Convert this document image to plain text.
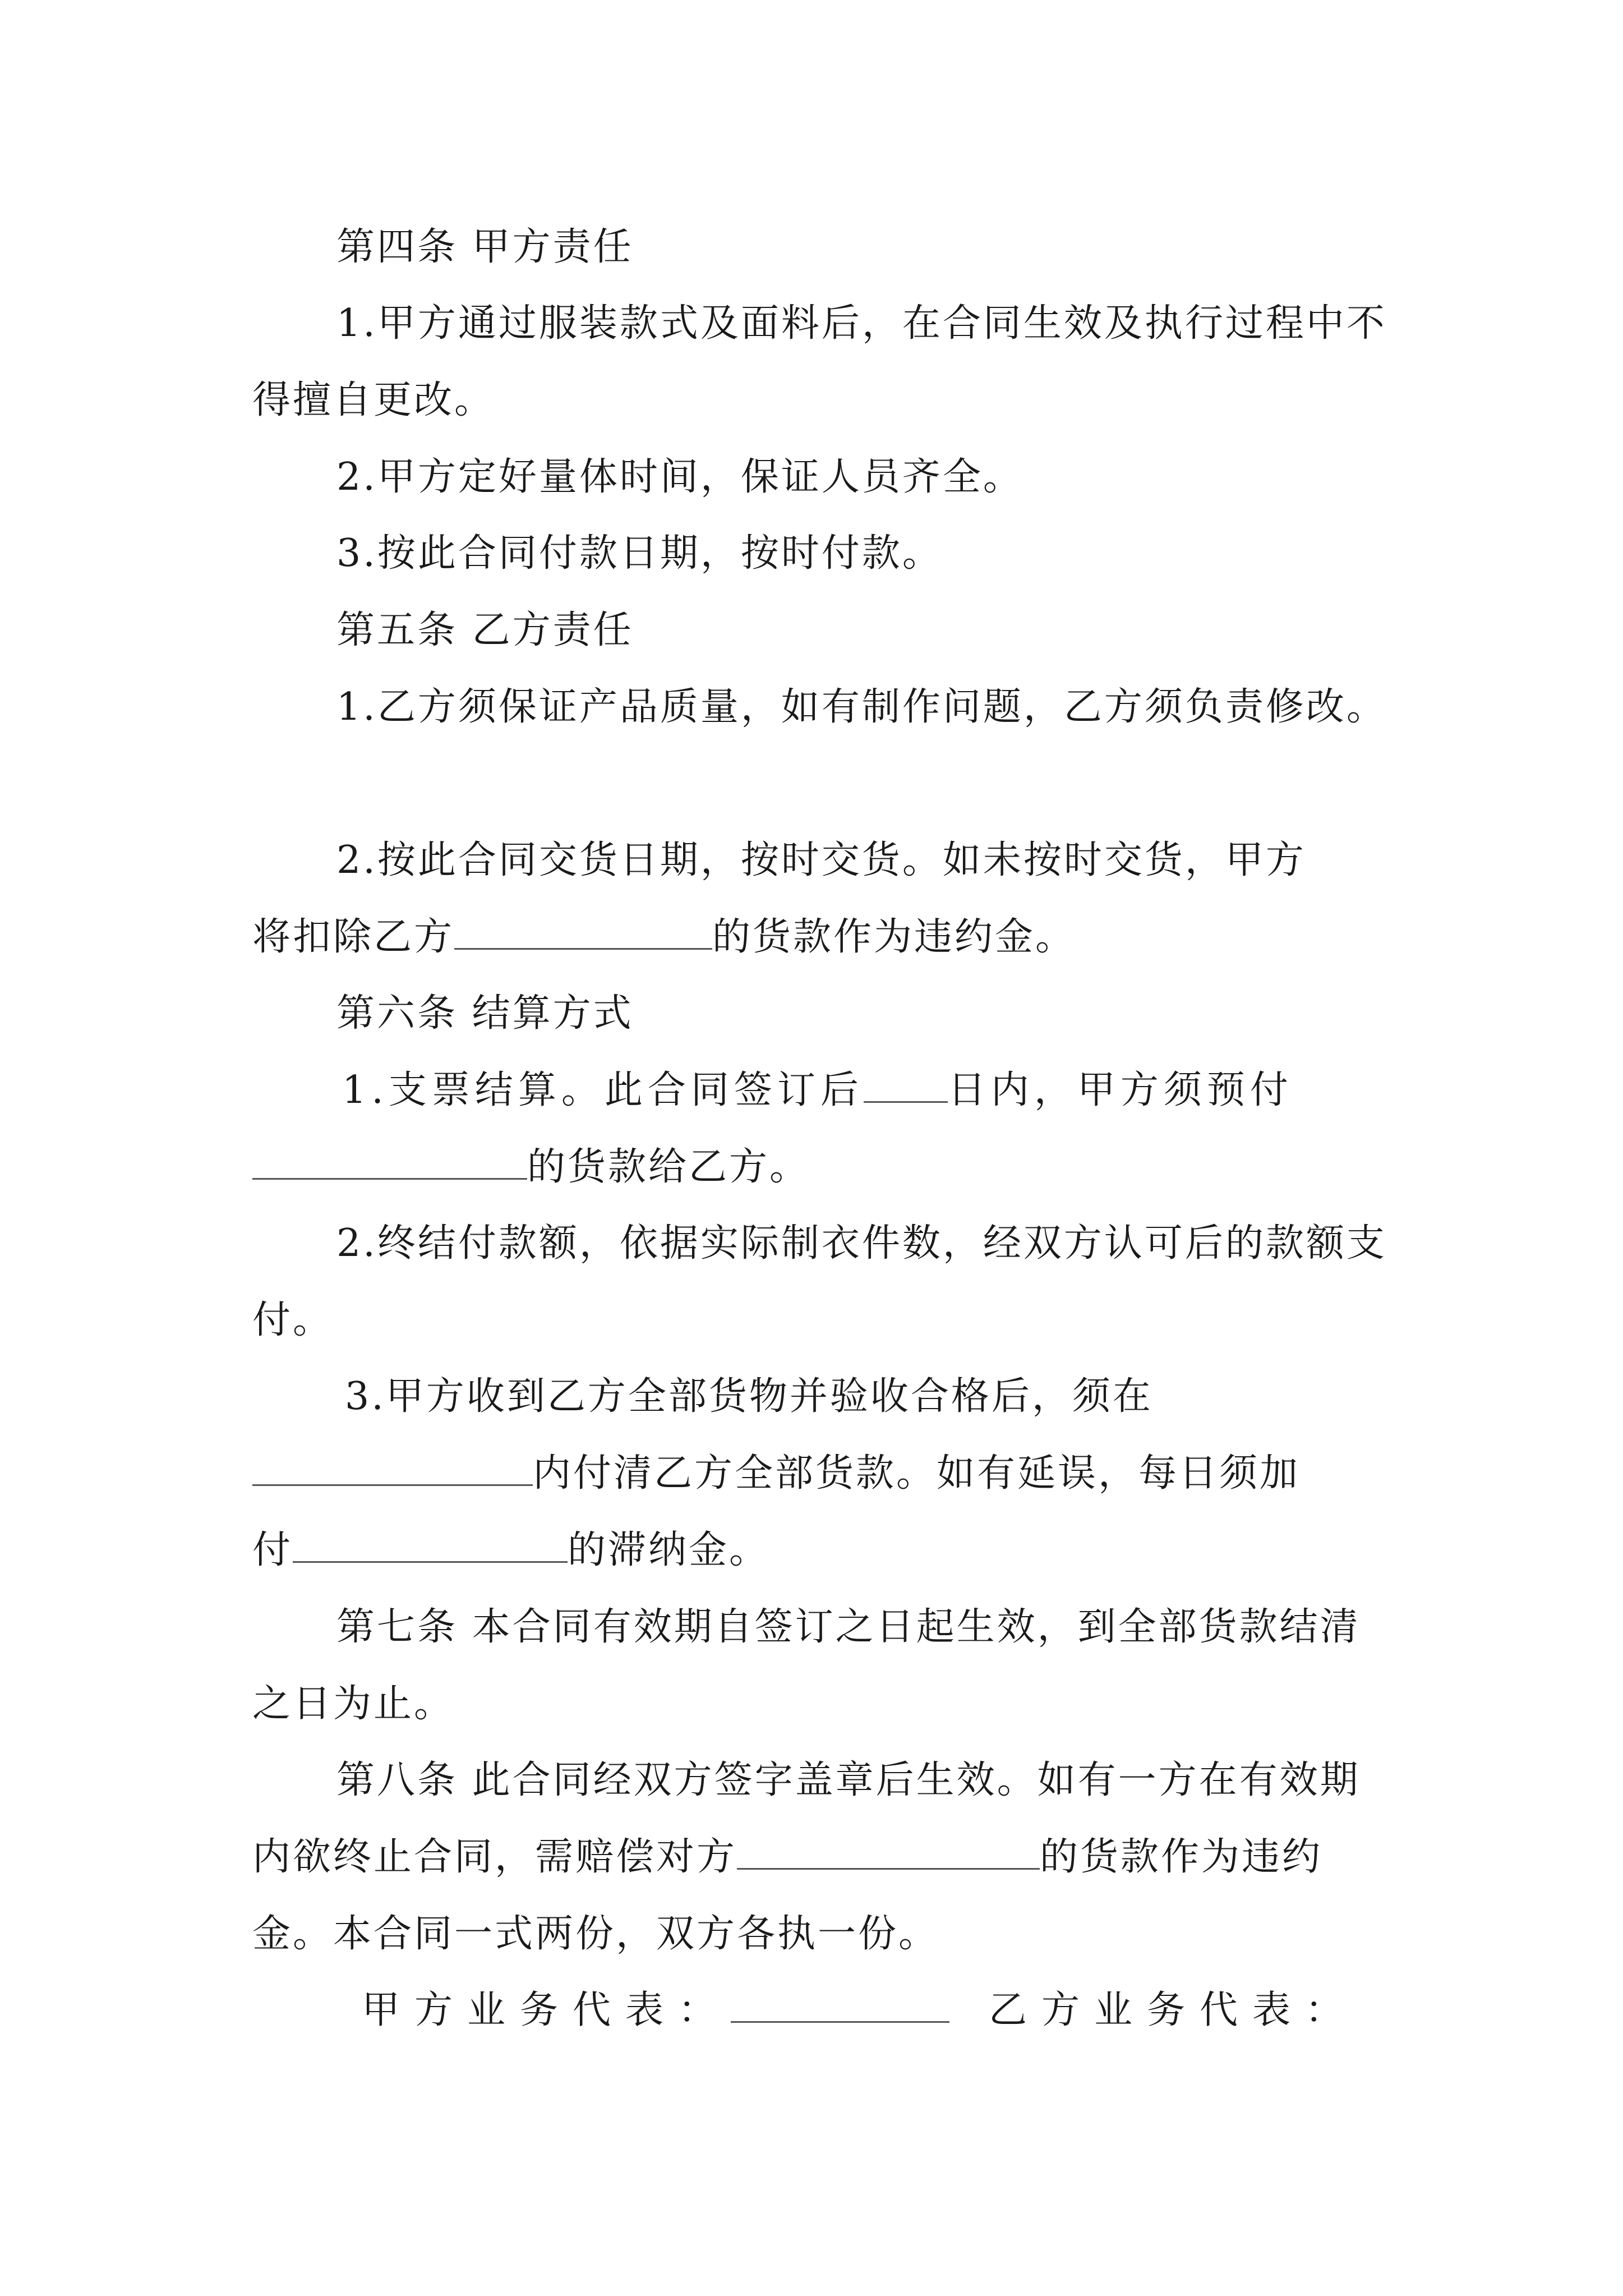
第四条 甲方责任
1.甲方通过服装款式及面料后，在合同生效及执行过程中不得擅自更改。
2.甲方定好量体时间，保证人员齐全。
3.按此合同付款日期，按时付款。
第五条 乙方责任
1.乙方须保证产品质量，如有制作问题，乙方须负责修改。
2.按此合同交货日期，按时交货。如未按时交货，甲方
将扣除乙方	的货款作为违约金。
第六条 结算方式
1.支票结算。此合同签订后 日内，甲方须预付
的货款给乙方。
2.终结付款额，依据实际制衣件数，经双方认可后的款额支付。
3.甲方收到乙方全部货物并验收合格后，须在
内付清乙方全部货款。如有延误，每日须加
付	的滞纳金。
第七条 本合同有效期自签订之日起生效，到全部货款结清之日为止。
第八条 此合同经双方签字盖章后生效。如有一方在有效期内欲终止合同，需赔偿对方	的货款作为违约金。本合同一式两份，双方各执一份。
甲方业务代表：	乙方业务代表：
